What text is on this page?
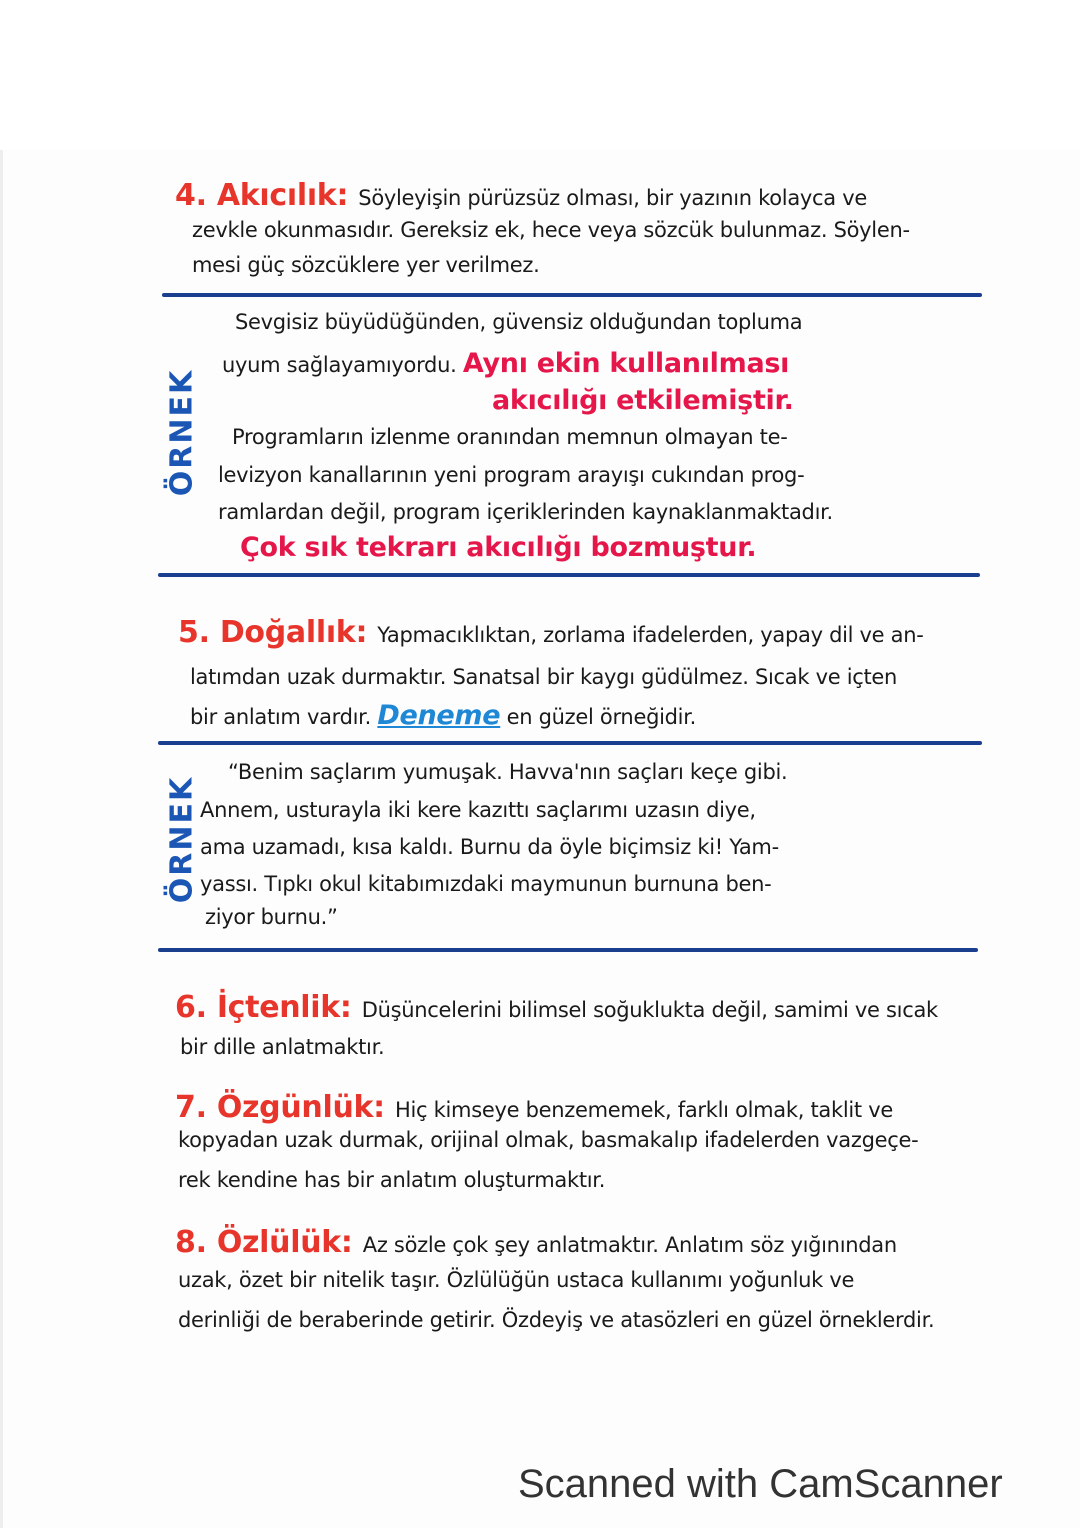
4. Akıcılık: Söyleyişin pürüzsüz olması, bir yazının kolayca ve
zevkle okunmasıdır. Gereksiz ek, hece veya sözcük bulunmaz. Söylen-
mesi güç sözcüklere yer verilmez.
Sevgisiz büyüdüğünden, güvensiz olduğundan topluma
uyum sağlayamıyordu. Aynı ekin kullanılması
akıcılığı etkilemiştir.
Programların izlenme oranından memnun olmayan te-
levizyon kanallarının yeni program arayışı cukından prog-
ramlardan değil, program içeriklerinden kaynaklanmaktadır.
Çok sık tekrarı akıcılığı bozmuştur.
5. Doğallık: Yapmacıklıktan, zorlama ifadelerden, yapay dil ve an-
latımdan uzak durmaktır. Sanatsal bir kaygı güdülmez. Sıcak ve içten
bir anlatım vardır. Deneme en güzel örneğidir.
“Benim saçlarım yumuşak. Havva'nın saçları keçe gibi.
Annem, usturayla iki kere kazıttı saçlarımı uzasın diye,
ama uzamadı, kısa kaldı. Burnu da öyle biçimsiz ki! Yam-
yassı. Tıpkı okul kitabımızdaki maymunun burnuna ben-
ziyor burnu.”
6. İçtenlik: Düşüncelerini bilimsel soğukluktа değil, samimi ve sıcak
bir dille anlatmaktır.
7. Özgünlük: Hiç kimseye benzememek, farklı olmak, taklit ve
kopyadan uzak durmak, orijinal olmak, basmakalıp ifadelerden vazgeçe-
rek kendine has bir anlatım oluşturmaktır.
8. Özlülük: Az sözle çok şey anlatmaktır. Anlatım söz yığınından
uzak, özet bir nitelik taşır. Özlülüğün ustaca kullanımı yoğunluk ve
derinliği de beraberinde getirir. Özdeyiş ve atasözleri en güzel örneklerdir.
ÖRNEK
ÖRNEK
Scanned with CamScanner
